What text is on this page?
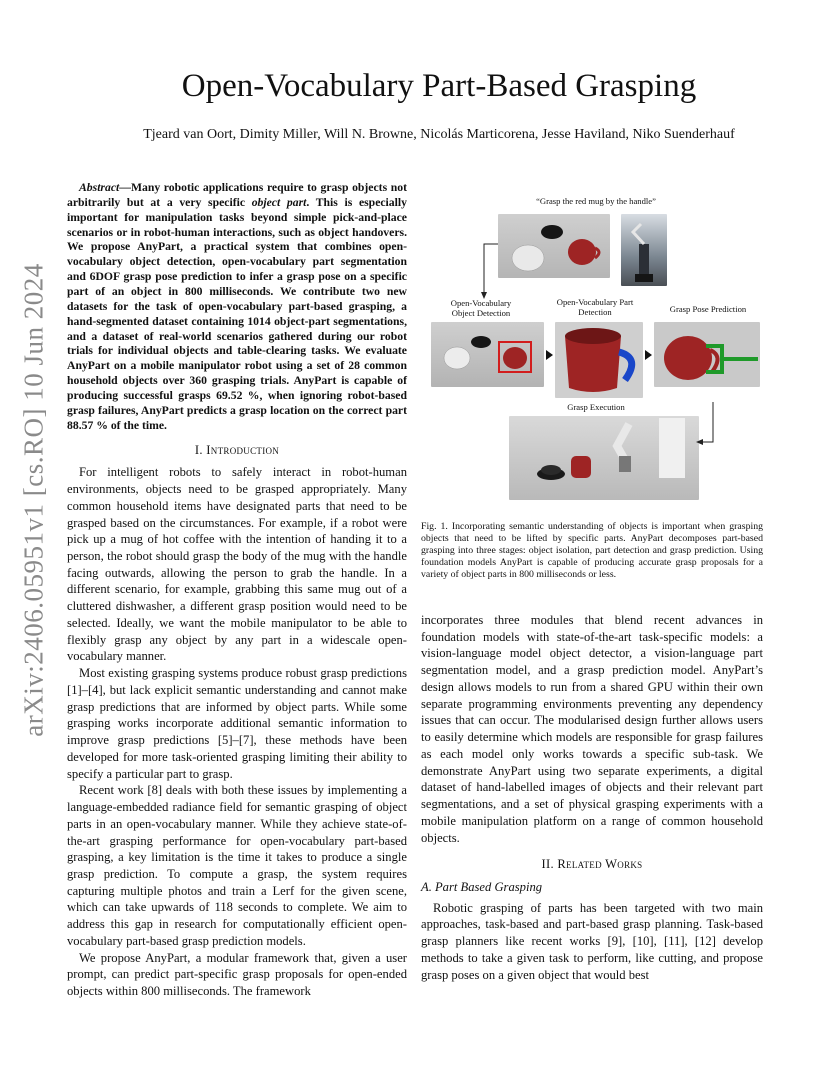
arXiv:2406.05951v1 [cs.RO] 10 Jun 2024
Open-Vocabulary Part-Based Grasping
Tjeard van Oort, Dimity Miller, Will N. Browne, Nicolás Marticorena, Jesse Haviland, Niko Suenderhauf

Abstract—Many robotic applications require to grasp objects not arbitrarily but at a very specific object part. This is especially important for manipulation tasks beyond simple pick-and-place scenarios or in robot-human interactions, such as object handovers. We propose AnyPart, a practical system that combines open-vocabulary object detection, open-vocabulary part segmentation and 6DOF grasp pose prediction to infer a grasp pose on a specific part of an object in 800 milliseconds. We contribute two new datasets for the task of open-vocabulary part-based grasping, a hand-segmented dataset containing 1014 object-part segmentations, and a dataset of real-world scenarios gathered during our robot trials for individual objects and table-clearing tasks. We evaluate AnyPart on a mobile manipulator robot using a set of 28 common household objects over 360 grasping trials. AnyPart is capable of producing successful grasps 69.52 %, when ignoring robot-based grasp failures, AnyPart predicts a grasp location on the correct part 88.57 % of the time.

I. Introduction

For intelligent robots to safely interact in robot-human environments, objects need to be grasped appropriately. Many common household items have designated parts that need to be grasped based on the circumstances. For example, if a robot were pick up a mug of hot coffee with the intention of handing it to a person, the robot should grasp the body of the mug with the handle facing outwards, allowing the person to grab the handle. In a different scenario, for example, grabbing this same mug out of a cluttered dishwasher, a different grasp position would need to be selected. Ideally, we want the mobile manipulator to be able to flexibly grasp any object by any part in a widescale open-vocabulary manner.

Most existing grasping systems produce robust grasp predictions [1]–[4], but lack explicit semantic understanding and cannot make grasp predictions that are informed by object parts. While some grasping works incorporate additional semantic information to improve grasp predictions [5]–[7], these methods have been developed for more task-oriented grasping limiting their ability to specify a particular part to grasp.

Recent work [8] deals with both these issues by implementing a language-embedded radiance field for semantic grasping of object parts in an open-vocabulary manner. While they achieve state-of-the-art grasping performance for open-vocabulary part-based grasping, a key limitation is the time it takes to produce a single grasp prediction. To compute a grasp, the system requires capturing multiple photos and train a Lerf for the given scene, which can take upwards of 118 seconds to complete. We aim to address this gap in research for computationally efficient open-vocabulary part-based grasp prediction models.

We propose AnyPart, a modular framework that, given a user prompt, can predict part-specific grasp proposals for open-ended objects within 800 milliseconds. The framework

“Grasp the red mug by the handle”
Open-Vocabulary Object Detection
Open-Vocabulary Part Detection	Grasp Pose Prediction
Grasp Execution
Fig. 1. Incorporating semantic understanding of objects is important when grasping objects that need to be lifted by specific parts. AnyPart decomposes part-based grasping into three stages: object isolation, part detection and grasp prediction. Using foundation models AnyPart is capable of producing accurate grasp proposals for a variety of object parts in 800 milliseconds or less.

incorporates three modules that blend recent advances in foundation models with state-of-the-art task-specific models: a vision-language model object detector, a vision-language part segmentation model, and a grasp prediction model. AnyPart’s design allows models to run from a shared GPU within their own separate programming environments preventing any dependency issues that can occur. The modularised design further allows users to easily determine which models are responsible for grasp failures as each model only works towards a specific sub-task. We demonstrate AnyPart using two separate experiments, a digital dataset of hand-labelled images of objects and their relevant part segmentations, and a set of physical grasping experiments with a mobile manipulation platform on a range of common household objects.

II. Related Works
A. Part Based Grasping

Robotic grasping of parts has been targeted with two main approaches, task-based and part-based grasp planning. Task-based grasp planners like recent works [9], [10], [11], [12] develop methods to take a given task to perform, like cutting, and propose grasp poses on a given object that would best
